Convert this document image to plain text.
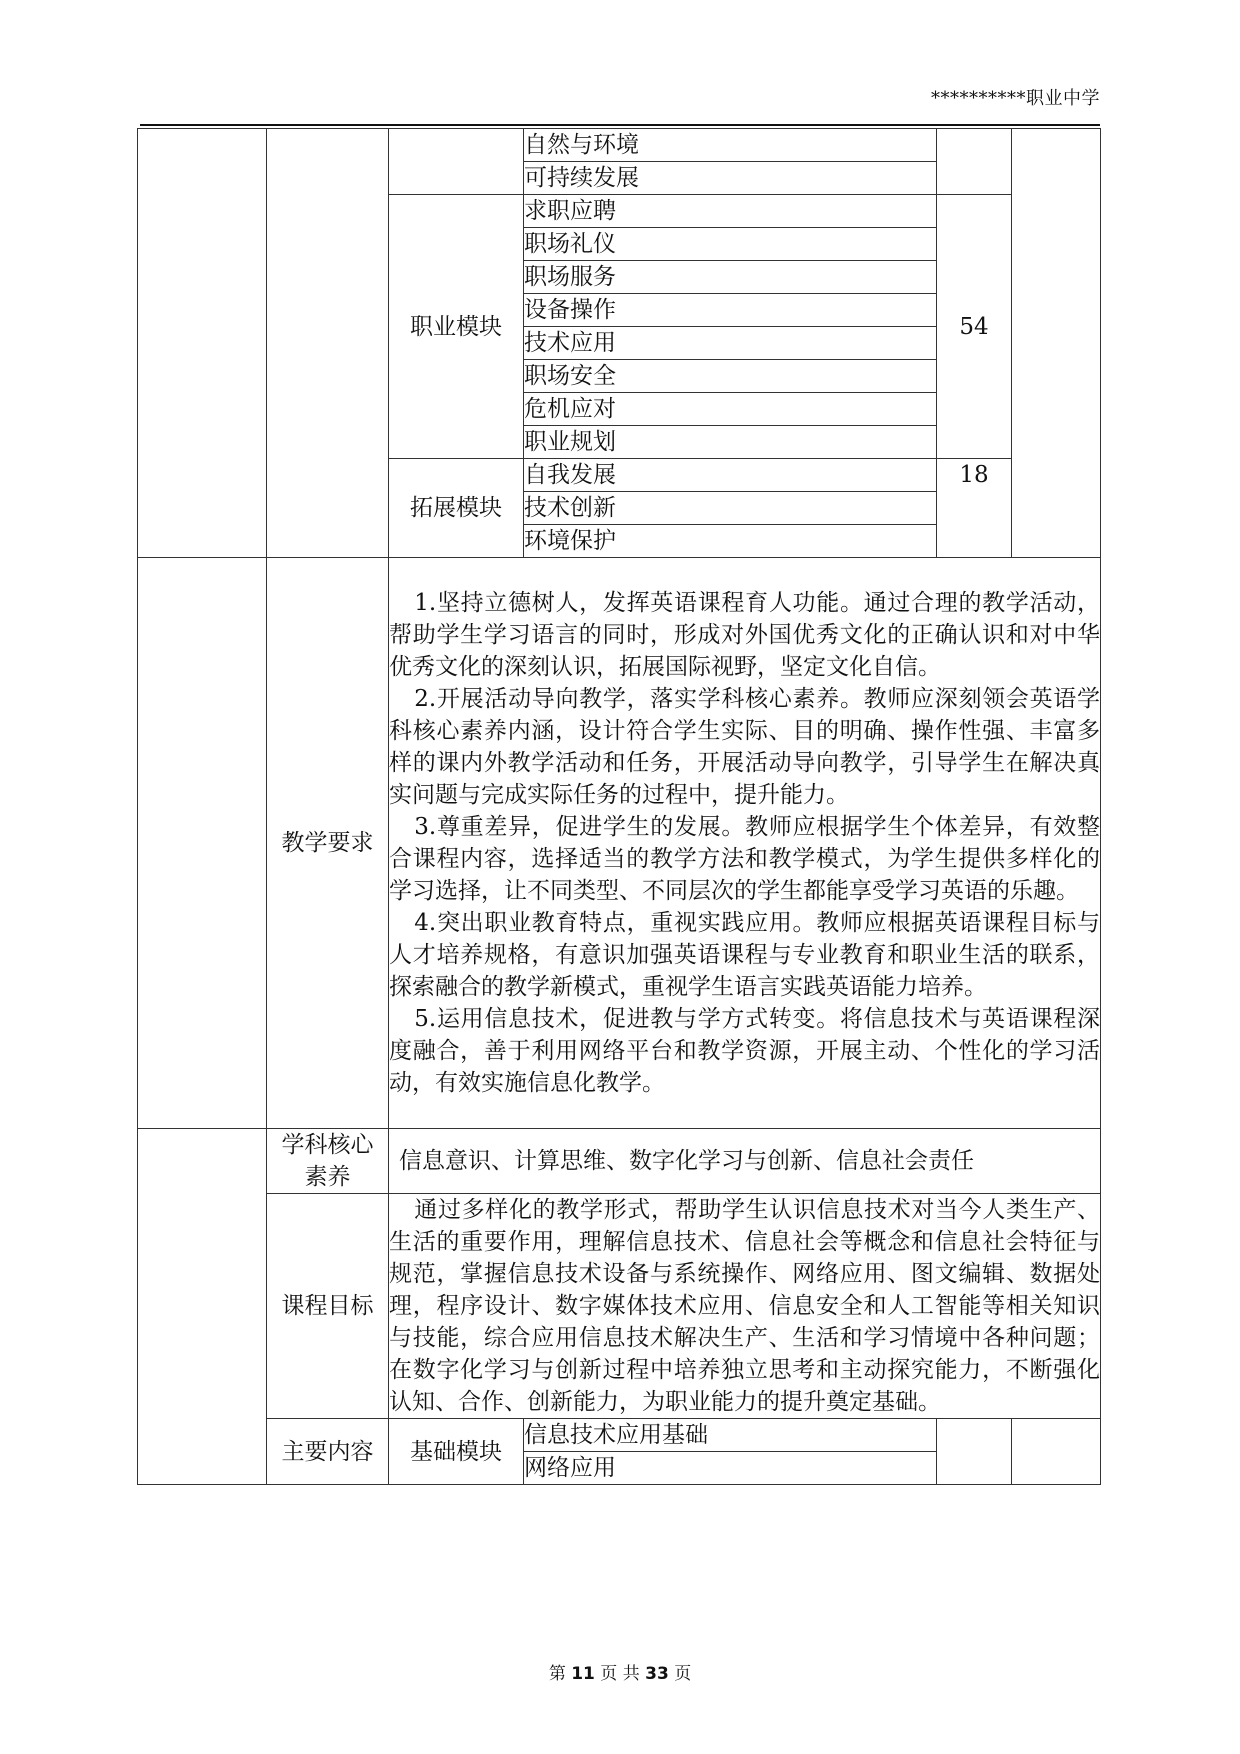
**********职业中学
			自然与环境		
			可持续发展		
		职业模块	求职应聘	54	
			职场礼仪		
			职场服务		
			设备操作		
			技术应用		
			职场安全		
			危机应对		
			职业规划		
		拓展模块	自我发展	18	
			技术创新		
			环境保护		
	教学要求	1.坚持立德树人，发挥英语课程育人功能。通过合理的教学活动，帮助学生学习语言的同时，形成对外国优秀文化的正确认识和对中华优秀文化的深刻认识，拓展国际视野，坚定文化自信。

2.开展活动导向教学，落实学科核心素养。教师应深刻领会英语学科核心素养内涵，设计符合学生实际、目的明确、操作性强、丰富多样的课内外教学活动和任务，开展活动导向教学，引导学生在解决真实问题与完成实际任务的过程中，提升能力。

3.尊重差异，促进学生的发展。教师应根据学生个体差异，有效整合课程内容，选择适当的教学方法和教学模式，为学生提供多样化的学习选择，让不同类型、不同层次的学生都能享受学习英语的乐趣。

4.突出职业教育特点，重视实践应用。教师应根据英语课程目标与人才培养规格，有意识加强英语课程与专业教育和职业生活的联系，探索融合的教学新模式，重视学生语言实践英语能力培养。

5.运用信息技术，促进教与学方式转变。将信息技术与英语课程深度融合，善于利用网络平台和教学资源，开展主动、个性化的学习活动，有效实施信息化教学。			

	学科核心
素养	信息意识、计算思维、数字化学习与创新、信息社会责任			
	课程目标	通过多样化的教学形式，帮助学生认识信息技术对当今人类生产、生活的重要作用，理解信息技术、信息社会等概念和信息社会特征与规范，掌握信息技术设备与系统操作、网络应用、图文编辑、数据处理，程序设计、数字媒体技术应用、信息安全和人工智能等相关知识与技能，综合应用信息技术解决生产、生活和学习情境中各种问题；在数字化学习与创新过程中培养独立思考和主动探究能力，不断强化认知、合作、创新能力，为职业能力的提升奠定基础。			

	主要内容	基础模块	信息技术应用基础		
			网络应用		
第 11 页 共 33 页
